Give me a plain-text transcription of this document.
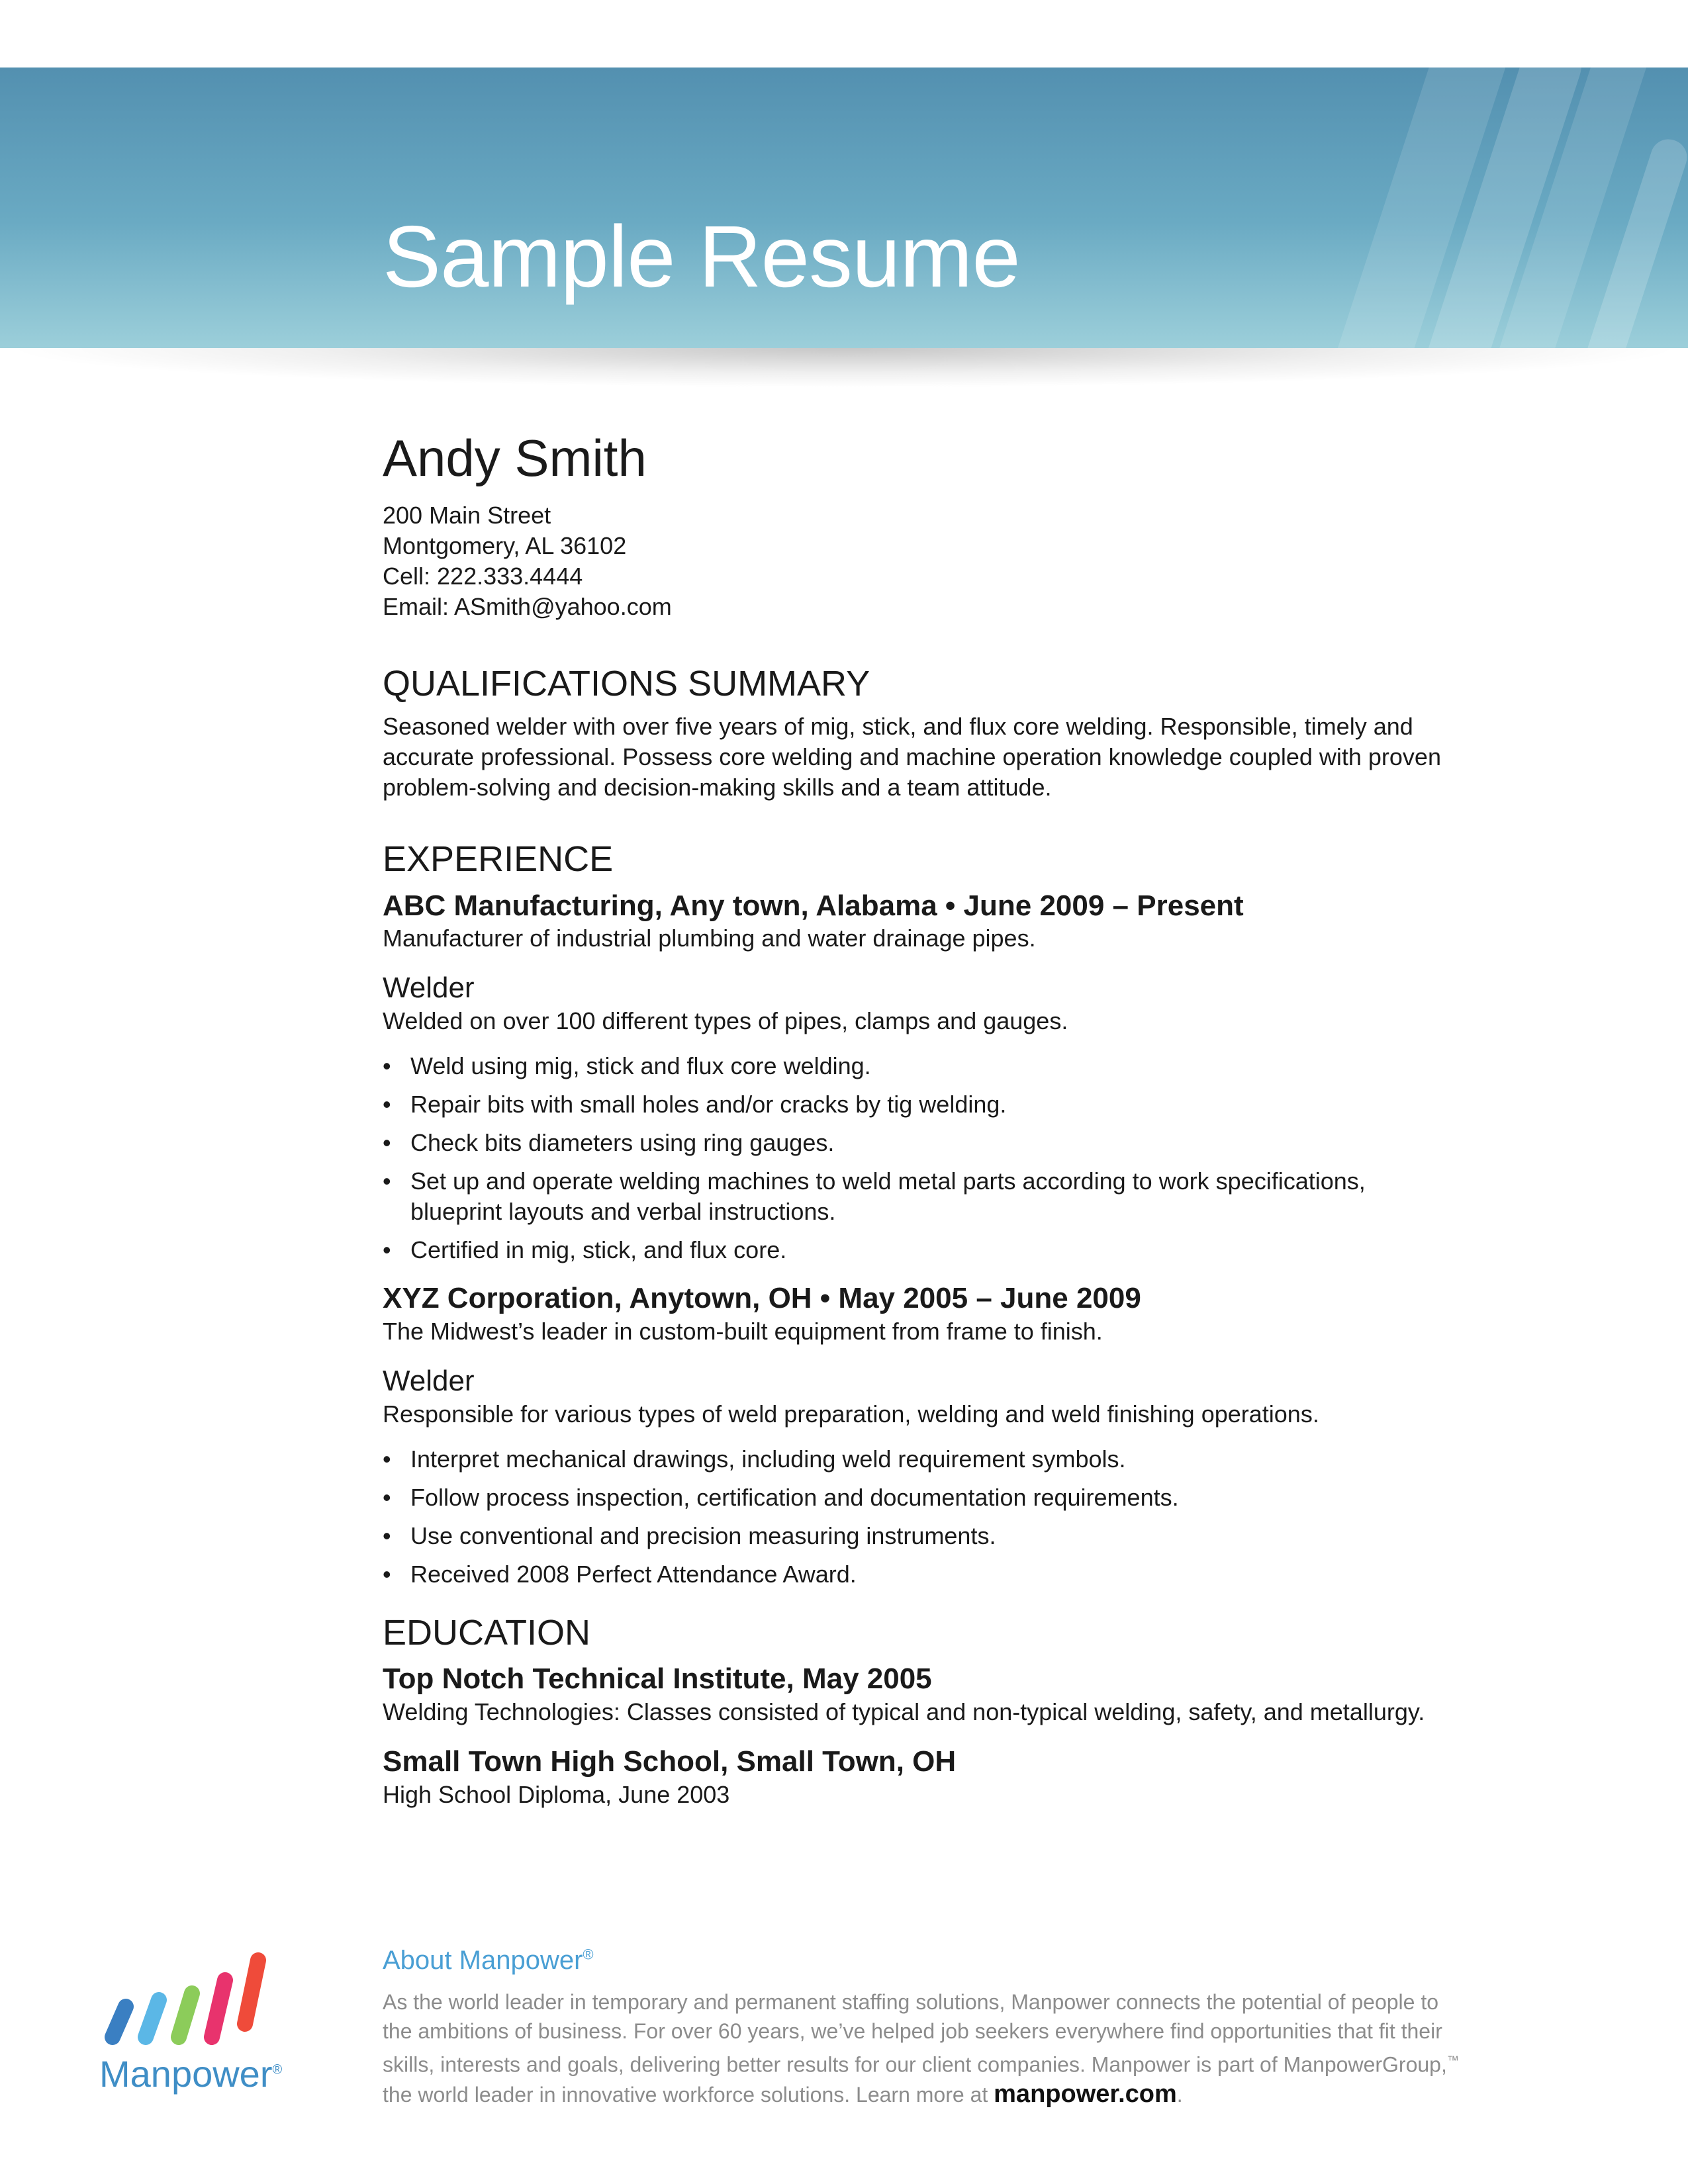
Sample Resume
Andy Smith
200 Main Street
Montgomery, AL 36102
Cell: 222.333.4444
Email: ASmith@yahoo.com
QUALIFICATIONS SUMMARY

Seasoned welder with over five years of mig, stick, and flux core welding. Responsible, timely and

accurate professional. Possess core welding and machine operation knowledge coupled with proven

problem-solving and decision-making skills and a team attitude.

EXPERIENCE

ABC Manufacturing, Any town, Alabama • June 2009 – Present

Manufacturer of industrial plumbing and water drainage pipes.

Welder

Welded on over 100 different types of pipes, clamps and gauges.

• Weld using mig, stick and flux core welding.
• Repair bits with small holes and/or cracks by tig welding.
• Check bits diameters using ring gauges.
• Set up and operate welding machines to weld metal parts according to work specifications, blueprint layouts and verbal instructions.
• Certified in mig, stick, and flux core.

XYZ Corporation, Anytown, OH • May 2005 – June 2009

The Midwest’s leader in custom-built equipment from frame to finish.

Welder

Responsible for various types of weld preparation, welding and weld finishing operations.

• Interpret mechanical drawings, including weld requirement symbols.
• Follow process inspection, certification and documentation requirements.
• Use conventional and precision measuring instruments.
• Received 2008 Perfect Attendance Award.
EDUCATION

Top Notch Technical Institute, May 2005

Welding Technologies: Classes consisted of typical and non-typical welding, safety, and metallurgy.

Small Town High School, Small Town, OH

High School Diploma, June 2003

Manpower®

About Manpower®

As the world leader in temporary and permanent staffing solutions, Manpower connects the potential of people to

the ambitions of business. For over 60 years, we’ve helped job seekers everywhere find opportunities that fit their

skills, interests and goals, delivering better results for our client companies. Manpower is part of ManpowerGroup,™

the world leader in innovative workforce solutions. Learn more at manpower.com.
